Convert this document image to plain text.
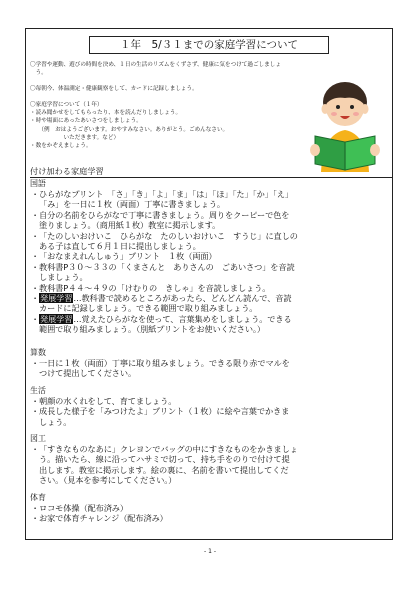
１年　5/３１までの家庭学習について
〇学習や運動、遊びの時間を決め、１日の生活のリズムをくずさず、健康に気をつけて過ごしましょ
　う。
〇毎朝今、体温測定・健康観察をして、カードに記録しましょう。
〇家庭学習について（１年）
・読み聞かせをしてもらったり、本を読んだりしましょう。
・時や場面にあったあいさつをしましょう。
　　（例　おはようございます。おやすみなさい。ありがとう。ごめんなさい。
　　　　　　いただきます。など）
・数をかぞえましょう。
付け加わる家庭学習
国語
・ ひらがなプリント　「さ」「き」「よ」「ま」「は」「ほ」「た」「か」「え」
「み」を一日に１枚（両面）丁寧に書きましょう。
・ 自分の名前をひらがなで丁寧に書きましょう。周りをクーピーで色を
塗りましょう。（商用紙１枚）教室に掲示します。
・ 「たのしいおけいこ　ひらがな　たのしいおけいこ　すうじ」に直しの
ある子は直して６月１日に提出しましょう。
・ 「おなまえれんしゅう」プリント　１枚（両面）
・ 教科書P３０～３３の「くまさんと　ありさんの　ごあいさつ」を音読
しましょう。
・ 教科書P４４～４９の「けむりの　きしゃ」を音読しましょう。
・ 発展学習…教科書で読めるところがあったら、どんどん読んで、音読
カードに記録しましょう。できる範囲で取り組みましょう。
・ 発展学習…覚えたひらがなを使って、言葉集めをしましょう。できる
範囲で取り組みましょう。（別紙プリントをお使いください。）
算数
・ 一日に１枚（両面）丁寧に取り組みましょう。できる限り赤でマルを
つけて提出してください。
生活
・ 朝顔の水くれをして、育てましょう。
・ 成長した様子を「みつけたよ」プリント（１枚）に絵や言葉でかきま
しょう。
図工
・ 「すきなものなあに」クレヨンでバッグの中にすきなものをかきましょ
う。描いたら、線に沿ってハサミで切って、持ち手をのりで付けて提
出します。教室に掲示します。絵の裏に、名前を書いて提出してくだ
さい。（見本を参考にしてください。）
体育
・ ロコモ体操（配布済み）
・ お家で体育チャレンジ（配布済み）
- 1 -
